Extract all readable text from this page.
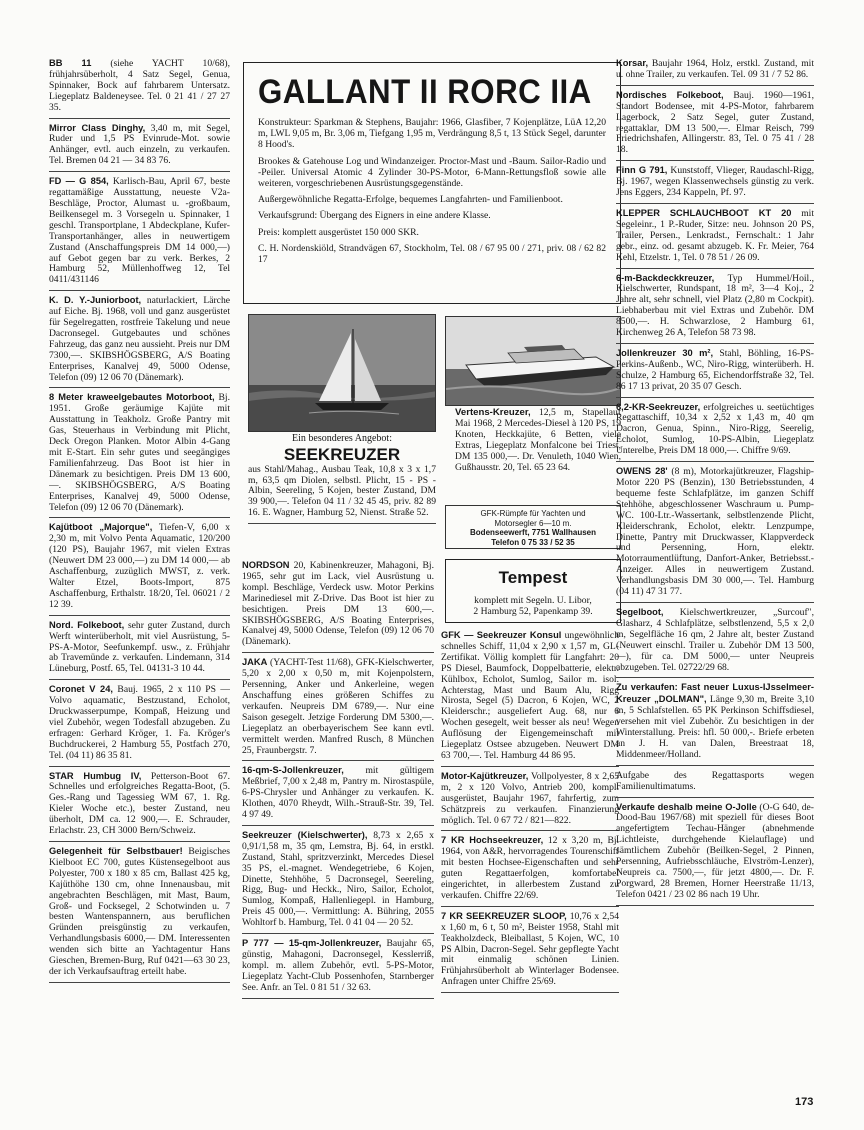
BB 11 (siehe YACHT 10/68), frühjahrsüberholt, 4 Satz Segel, Genua, Spinnaker, Bock auf fahrbarem Untersatz. Liegeplatz Baldeneysee. Tel. 0 21 41 / 27 27 35.
Mirror Class Dinghy, 3,40 m, mit Segel, Ruder und 1,5 PS Evinrude-Mot. sowie Anhänger, evtl. auch einzeln, zu verkaufen. Tel. Bremen 04 21 — 34 83 76.
FD — G 854, Karlisch-Bau, April 67, beste regattamäßige Ausstattung, neueste V2a-Beschläge, Proctor, Alumast u. -großbaum, Beilkensegel m. 3 Vorsegeln u. Spinnaker, 1 geschl. Transportplane, 1 Abdeckplane, Kufer-Transportanhänger, alles in neuwertigem Zustand (Anschaffungspreis DM 14 000,—) auf Gebot gegen bar zu verk. Berkes, 2 Hamburg 52, Müllenhoffweg 12, Tel 0411/431146
K. D. Y.-Juniorboot, naturlackiert, Lärche auf Eiche. Bj. 1968, voll und ganz ausgerüstet für Segelregatten, rostfreie Takelung und neue Dacronsegel. Gutgebautes und schönes Fahrzeug, das ganz neu aussieht. Preis nur DM 7300,—. SKIBSHÖGSBERG, A/S Boating Enterprises, Kanalvej 49, 5000 Odense, Telefon (09) 12 06 70 (Dänemark).
8 Meter kraweelgebautes Motorboot, Bj. 1951. Große geräumige Kajüte mit Ausstattung in Teakholz. Große Pantry mit Gas, Steuerhaus in Verbindung mit Plicht, Deck Oregon Planken. Motor Albin 4-Gang mit E-Start. Ein sehr gutes und seegängiges Familienfahrzeug. Das Boot ist hier in Dänemark zu besichtigen. Preis DM 13 600,—. SKIBSHÖGSBERG, A/S Boating Enterprises, Kanalvej 49, 5000 Odense, Telefon (09) 12 06 70 (Dänemark).
Kajütboot „Majorque", Tiefen-V, 6,00 x 2,30 m, mit Volvo Penta Aquamatic, 120/200 (120 PS), Baujahr 1967, mit vielen Extras (Neuwert DM 23 000,—) zu DM 14 000,— ab Aschaffenburg, zuzüglich MWST, z. verk. Walter Etzel, Boots-Import, 875 Aschaffenburg, Erthalstr. 18/20, Tel. 06021 / 2 12 39.
Nord. Folkeboot, sehr guter Zustand, durch Werft winterüberholt, mit viel Ausrüstung, 5-PS-A-Motor, Seefunkempf. usw., z. Frühjahr ab Travemünde z. verkaufen. Lindemann, 314 Lüneburg, Postf. 65, Tel. 04131-3 10 44.
Coronet V 24, Bauj. 1965, 2 x 110 PS — Volvo aquamatic, Bestzustand, Echolot, Druckwasserpumpe, Kompaß, Heizung und viel Zubehör, wegen Todesfall abzugeben. Zu erfragen: Gerhard Kröger, 1. Fa. Kröger's Buchdruckerei, 2 Hamburg 55, Postfach 270, Tel. (04 11) 86 35 81.
STAR Humbug IV, Petterson-Boot 67. Schnelles und erfolgreiches Regatta-Boot, (5. Ges.-Rang und Tagessieg WM 67, 1. Rg. Kieler Woche etc.), bester Zustand, neu überholt, DM ca. 12 900,—. E. Schrauder, Erlachstr. 23, CH 3000 Bern/Schweiz.
Gelegenheit für Selbstbauer! Beigisches Kielboot EC 700, gutes Küstensegelboot aus Polyester, 700 x 180 x 85 cm, Ballast 425 kg, Kajüthöhe 130 cm, ohne Innenausbau, mit angebrachten Beschlägen, mit Mast, Baum, Groß- und Focksegel, 2 Schotwinden u. 7 besten Wantenspannern, aus beruflichen Gründen preisgünstig zu verkaufen, Verhandlungsbasis 6000,— DM. Interessenten wenden sich bitte an Yachtagentur Hans Gieschen, Bremen-Burg, Ruf 0421—63 30 23, der ich Verkaufsauftrag erteilt habe.
GALLANT II RORC IIA

Konstrukteur: Sparkman & Stephens, Baujahr: 1966, Glasfiber, 7 Kojenplätze, LüA 12,20 m, LWL 9,05 m, Br. 3,06 m, Tiefgang 1,95 m, Verdrängung 8,5 t, 13 Stück Segel, darunter 8 Hood's.

Brookes & Gatehouse Log und Windanzeiger. Proctor-Mast und -Baum. Sailor-Radio und -Peiler. Universal Atomic 4 Zylinder 30-PS-Motor, 6-Mann-Rettungsfloß sowie alle weiteren, vorgeschriebenen Ausrüstungsgegenstände.

Außergewöhnliche Regatta-Erfolge, bequemes Langfahrten- und Familienboot.

Verkaufsgrund: Übergang des Eigners in eine andere Klasse.

Preis: komplett ausgerüstet 150 000 SKR.

C. H. Nordenskiöld, Strandvägen 67, Stockholm, Tel. 08 / 67 95 00 / 271, priv. 08 / 62 82 17

Ein besonderes Angebot:
SEEKREUZER
aus Stahl/Mahag., Ausbau Teak, 10,8 x 3 x 1,7 m, 63,5 qm Diolen, selbstl. Plicht, 15 - PS - Albin, Seereling, 5 Kojen, bester Zustand, DM 39 900,—. Telefon 04 11 / 32 45 45, priv. 82 89 16. E. Wagner, Hamburg 52, Nienst. Straße 52.
Vertens-Kreuzer, 12,5 m, Stapellauf Mai 1968, 2 Mercedes-Diesel à 120 PS, 19 Knoten, Heckkajüte, 6 Betten, viele Extras, Liegeplatz Monfalcone bei Triest, DM 135 000,—. Dr. Venuleth, 1040 Wien, Gußhausstr. 20, Tel. 65 23 64.
GFK-Rümpfe für Yachten und
Motorsegler 6—10 m.
Bodenseewerft, 7751 Wallhausen
Telefon 0 75 33 / 52 35
Tempest
komplett mit Segeln. U. Libor,
2 Hamburg 52, Papenkamp 39.
NORDSON 20, Kabinenkreuzer, Mahagoni, Bj. 1965, sehr gut im Lack, viel Ausrüstung u. kompl. Beschläge, Verdeck usw. Motor Perkins Marinediesel mit Z-Drive. Das Boot ist hier zu besichtigen. Preis DM 13 600,—. SKIBSHÖGSBERG, A/S Boating Enterprises, Kanalvej 49, 5000 Odense, Telefon (09) 12 06 70 (Dänemark).
JAKA (YACHT-Test 11/68), GFK-Kielschwerter, 5,20 x 2,00 x 0,50 m, mit Kojenpolstern, Persenning, Anker und Ankerleine, wegen Anschaffung eines größeren Schiffes zu verkaufen. Neupreis DM 6789,—. Nur eine Saison gesegelt. Jetzige Forderung DM 5300,—. Liegeplatz an oberbayerischem See kann evtl. vermittelt werden. Manfred Rusch, 8 München 25, Fraunbergstr. 7.
16-qm-S-Jollenkreuzer, mit gültigem Meßbrief, 7,00 x 2,48 m, Pantry m. Nirostaspüle, 6-PS-Chrysler und Anhänger zu verkaufen. K. Klothen, 4070 Rheydt, Wilh.-Strauß-Str. 39, Tel. 4 97 49.
Seekreuzer (Kielschwerter), 8,73 x 2,65 x 0,91/1,58 m, 35 qm, Lemstra, Bj. 64, in erstkl. Zustand, Stahl, spritzverzinkt, Mercedes Diesel 35 PS, el.-magnet. Wendegetriebe, 6 Kojen, Dinette, Stehhöhe, 5 Dacronsegel, Seereling, Rigg, Bug- und Heckk., Niro, Sailor, Echolot, Sumlog, Kompaß, Hallenliegepl. in Hamburg, Preis 45 000,—. Vermittlung: A. Bühring, 2055 Wohltorf b. Hamburg, Tel. 0 41 04 — 20 52.
P 777 — 15-qm-Jollenkreuzer, Baujahr 65, günstig, Mahagoni, Dacronsegel, Kesslerriß, kompl. m. allem Zubehör, evtl. 5-PS-Motor, Liegeplatz Yacht-Club Possenhofen, Starnberger See. Anfr. an Tel. 0 81 51 / 32 63.
GFK — Seekreuzer Konsul ungewöhnlich schnelles Schiff, 11,04 x 2,90 x 1,57 m, GL-Zertifikat. Völlig komplett für Langfahrt: 20 PS Diesel, Baumfock, Doppelbatterie, elektr. Kühlbox, Echolot, Sumlog, Sailor m. isol. Achterstag, Mast und Baum Alu, Rigg Nirosta, Segel (5) Dacron, 6 Kojen, WC, 2 Kleiderschr.; ausgeliefert Aug. 68, nur 6 Wochen gesegelt, weit besser als neu! Wegen Auflösung der Eigengemeinschaft mit Liegeplatz Ostsee abzugeben. Neuwert DM 63 700,—. Tel. Hamburg 44 86 95.
Motor-Kajütkreuzer, Vollpolyester, 8 x 2,65 m, 2 x 120 Volvo, Antrieb 200, kompl. ausgerüstet, Baujahr 1967, fahrfertig, zum Schätzpreis zu verkaufen. Finanzierung möglich. Tel. 0 67 72 / 821—822.
7 KR Hochseekreuzer, 12 x 3,20 m, Bj. 1964, von A&R, hervorragendes Tourenschiff mit besten Hochsee-Eigenschaften und sehr guten Regattaerfolgen, komfortabel eingerichtet, in allerbestem Zustand zu verkaufen. Chiffre 22/69.
7 KR SEEKREUZER SLOOP, 10,76 x 2,54 x 1,60 m, 6 t, 50 m², Beister 1958, Stahl mit Teakholzdeck, Bleiballast, 5 Kojen, WC, 10 PS Albin, Dacron-Segel. Sehr gepflegte Yacht mit einmalig schönen Linien. Frühjahrsüberholt ab Winterlager Bodensee. Anfragen unter Chiffre 25/69.
Korsar, Baujahr 1964, Holz, erstkl. Zustand, mit u. ohne Trailer, zu verkaufen. Tel. 09 31 / 7 52 86.
Nordisches Folkeboot, Bauj. 1960—1961, Standort Bodensee, mit 4-PS-Motor, fahrbarem Lagerbock, 2 Satz Segel, guter Zustand, regattaklar, DM 13 500,—. Elmar Reisch, 799 Friedrichshafen, Allingerstr. 83, Tel. 0 75 41 / 28 18.
Finn G 791, Kunststoff, Vlieger, Raudaschl-Rigg, Bj. 1967, wegen Klassenwechsels günstig zu verk. Jens Eggers, 234 Kappeln, Pf. 97.
KLEPPER SCHLAUCHBOOT KT 20 mit Segeleinr., 1 P.-Ruder, Sitze: neu. Johnson 20 PS, Trailer, Persen., Lenkradst., Fernschalt.: 1 Jahr gebr., einz. od. gesamt abzugeb. K. Fr. Meier, 764 Kehl, Etzelstr. 1, Tel. 0 78 51 / 26 09.
6-m-Backdeckkreuzer, Typ Hummel/Hoil., Kielschwerter, Rundspant, 18 m², 3—4 Koj., 2 Jahre alt, sehr schnell, viel Platz (2,80 m Cockpit). Liebhaberbau mit viel Extras und Zubehör. DM 8500,—. H. Schwarzlose, 2 Hamburg 61, Kirchenweg 26 A, Telefon 58 73 98.
Jollenkreuzer 30 m², Stahl, Böhling, 16-PS-Perkins-Außenb., WC, Niro-Rigg, winterüberh. H. Schulze, 2 Hamburg 65, Eichendorffstraße 32, Tel. 86 17 13 privat, 20 35 07 Gesch.
6,2-KR-Seekreuzer, erfolgreiches u. seetüchtiges Regattaschiff, 10,34 x 2,52 x 1,43 m, 40 qm Dacron, Genua, Spinn., Niro-Rigg, Seerelig, Echolot, Sumlog, 10-PS-Albin, Liegeplatz Unterelbe, Preis DM 18 000,—. Chiffre 9/69.
OWENS 28' (8 m), Motorkajütkreuzer, Flagship-Motor 220 PS (Benzin), 130 Betriebsstunden, 4 bequeme feste Schlafplätze, im ganzen Schiff Stehhöhe, abgeschlossener Waschraum u. Pump-WC. 100-Ltr.-Wassertank, selbstlenzende Plicht, Kleiderschrank, Echolot, elektr. Lenzpumpe, Dinette, Pantry mit Druckwasser, Klappverdeck und Persenning, Horn, elektr. Motorraumentlüftung, Danfort-Anker, Betriebsst.-Anzeiger. Alles in neuwertigem Zustand. Verhandlungsbasis DM 30 000,—. Tel. Hamburg (04 11) 47 31 77.
Segelboot, Kielschwertkreuzer, „Surcouf", Glasharz, 4 Schlafplätze, selbstlenzend, 5,5 x 2,0 m, Segelfläche 16 qm, 2 Jahre alt, bester Zustand (Neuwert einschl. Trailer u. Zubehör DM 13 500,—), für ca. DM 5000,— unter Neupreis abzugeben. Tel. 02722/29 68.
Zu verkaufen: Fast neuer Luxus-IJsselmeer-Kreuzer „DOLMAN", Länge 9,30 m, Breite 3,10 m, 5 Schlafstellen. 65 PK Perkinson Schiffsdiesel, versehen mit viel Zubehör. Zu besichtigen in der Winterstallung. Preis: hfl. 50 000,-. Briefe erbeten an J. H. van Dalen, Breestraat 18, Middenmeer/Holland.
Aufgabe des Regattasports wegen Familienultimatums.
Verkaufe deshalb meine O-Jolle (O-G 640, de-Dood-Bau 1967/68) mit speziell für dieses Boot angefertigtem Techau-Hänger (abnehmende Lichtleiste, durchgehende Kielauflage) und sämtlichem Zubehör (Beilken-Segel, 2 Pinnen, Persenning, Aufriebsschläuche, Elvström-Lenzer), Neupreis ca. 7500,—, für jetzt 4800,—. Dr. F. Porgward, 28 Bremen, Horner Heerstraße 11/13, Telefon 0421 / 23 02 86 nach 19 Uhr.
173
